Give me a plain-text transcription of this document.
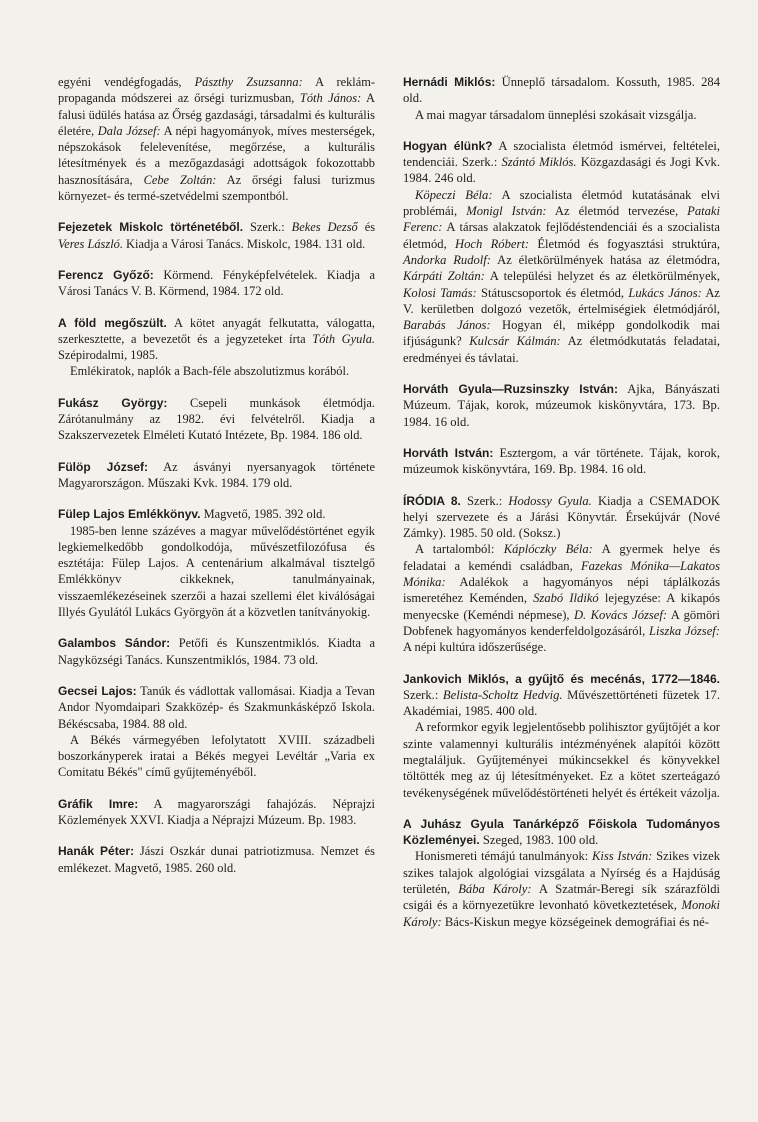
egyéni vendégfogadás, Pászthy Zsuzsanna: A reklám-propaganda módszerei az őrségi turizmusban, Tóth János: A falusi üdülés hatása az Őrség gazdasági, társadalmi és kulturális életére, Dala József: A népi hagyományok, míves mesterségek, népszokások felelevenítése, megőrzése, a kulturális létesítmények és a mezőgazdasági adottságok fokozottabb hasznosítására, Cebe Zoltán: Az őrségi falusi turizmus környezet- és termé-szetvédelmi szempontból.

Fejezetek Miskolc történetéből. Szerk.: Bekes Dezső és Veres László. Kiadja a Városi Tanács. Miskolc, 1984. 131 old.

Ferencz Győző: Körmend. Fényképfelvételek. Kiadja a Városi Tanács V. B. Körmend, 1984. 172 old.

A föld megőszült. A kötet anyagát felkutatta, válogatta, szerkesztette, a bevezetőt és a jegyzeteket írta Tóth Gyula. Szépirodalmi, 1985.

Emlékiratok, naplók a Bach-féle abszolutizmus korából.

Fukász György: Csepeli munkások életmódja. Zárótanulmány az 1982. évi felvételről. Kiadja a Szakszervezetek Elméleti Kutató Intézete, Bp. 1984. 186 old.

Fülöp József: Az ásványi nyersanyagok története Magyarországon. Műszaki Kvk. 1984. 179 old.

Fülep Lajos Emlékkönyv. Magvető, 1985. 392 old.

1985-ben lenne százéves a magyar művelődéstörténet egyik legkiemelkedőbb gondolkodója, művészetfilozófusa és esztétája: Fülep Lajos. A centenárium alkalmával tisztelgő Emlékkönyv cikkeknek, tanulmányainak, visszaemlékezéseinek szerzői a hazai szellemi élet kiválóságai Illyés Gyulától Lukács Györgyön át a közvetlen tanítványokig.

Galambos Sándor: Petőfi és Kunszentmiklós. Kiadta a Nagyközségi Tanács. Kunszentmiklós, 1984. 73 old.

Gecsei Lajos: Tanúk és vádlottak vallomásai. Kiadja a Tevan Andor Nyomdaipari Szakközép- és Szakmunkásképző Iskola. Békéscsaba, 1984. 88 old.

A Békés vármegyében lefolytatott XVIII. századbeli boszorkányperek iratai a Békés megyei Levéltár „Varia ex Comitatu Békés" című gyűjteményéből.

Gráfik Imre: A magyarországi fahajózás. Néprajzi Közlemények XXVI. Kiadja a Néprajzi Múzeum. Bp. 1983.

Hanák Péter: Jászi Oszkár dunai patriotizmusa. Nemzet és emlékezet. Magvető, 1985. 260 old.

Hernádi Miklós: Ünneplő társadalom. Kossuth, 1985. 284 old.

A mai magyar társadalom ünneplési szokásait vizsgálja.

Hogyan élünk? A szocialista életmód ismérvei, feltételei, tendenciái. Szerk.: Szántó Miklós. Közgazdasági és Jogi Kvk. 1984. 246 old.

Köpeczi Béla: A szocialista életmód kutatásának elvi problémái, Monigl István: Az életmód tervezése, Pataki Ferenc: A társas alakzatok fejlődéstendenciái és a szocialista életmód, Hoch Róbert: Életmód és fogyasztási struktúra, Andorka Rudolf: Az életkörülmények hatása az életmódra, Kárpáti Zoltán: A települési helyzet és az életkörülmények, Kolosi Tamás: Státuscsoportok és életmód, Lukács János: Az V. kerületben dolgozó vezetők, értelmiségiek életmódjáról, Barabás János: Hogyan él, miképp gondolkodik mai ifjúságunk? Kulcsár Kálmán: Az életmódkutatás feladatai, eredményei és távlatai.

Horváth Gyula—Ruzsinszky István: Ajka, Bányászati Múzeum. Tájak, korok, múzeumok kiskönyvtára, 173. Bp. 1984. 16 old.

Horváth István: Esztergom, a vár története. Tájak, korok, múzeumok kiskönyvtára, 169. Bp. 1984. 16 old.

ÍRÓDIA 8. Szerk.: Hodossy Gyula. Kiadja a CSEMADOK helyi szervezete és a Járási Könyvtár. Érsekújvár (Nové Zámky). 1985. 50 old. (Soksz.)

A tartalomból: Káplóczky Béla: A gyermek helye és feladatai a keméndi családban, Fazekas Mónika—Lakatos Mónika: Adalékok a hagyományos népi táplálkozás ismeretéhez Keménden, Szabó Ildikó lejegyzése: A kikapós menyecske (Keméndi népmese), D. Kovács József: A gömöri Dobfenek hagyományos kenderfeldolgozásáról, Liszka József: A népi kultúra időszerűsége.

Jankovich Miklós, a gyűjtő és mecénás, 1772—1846. Szerk.: Belista-Scholtz Hedvig. Művészettörténeti füzetek 17. Akadémiai, 1985. 400 old.

A reformkor egyik legjelentősebb polihisztor gyűjtőjét a kor szinte valamennyi kulturális intézményének alapítói között megtaláljuk. Gyűjteményei múkincsekkel és könyvekkel töltötték meg az új létesítményeket. Ez a kötet szerteágazó tevékenységének művelődéstörténeti helyét és értékeit vázolja.

A Juhász Gyula Tanárképző Főiskola Tudományos Közleményei. Szeged, 1983. 100 old.

Honismereti témájú tanulmányok: Kiss István: Szikes vizek szikes talajok algológiai vizsgálata a Nyírség és a Hajdúság területén, Bába Károly: A Szatmár-Beregi sík szárazföldi csigái és a környezetükre levonható következtetések, Monoki Károly: Bács-Kiskun megye községeinek demográfiai és né-
